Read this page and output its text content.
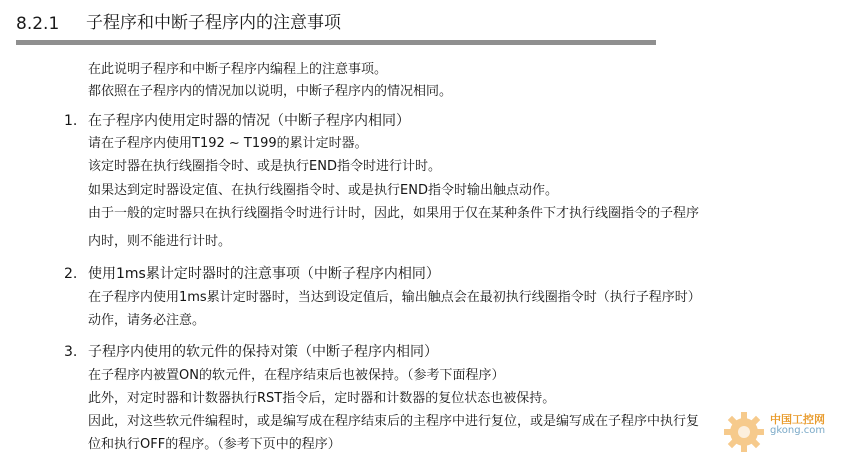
8.2.1 子程序和中断子程序内的注意事项
在此说明子程序和中断子程序内编程上的注意事项。
都依照在子程序内的情况加以说明，中断子程序内的情况相同。
1. 在子程序内使用定时器的情况（中断子程序内相同）
请在子程序内使用T192 ~ T199的累计定时器。
该定时器在执行线圈指令时、或是执行END指令时进行计时。
如果达到定时器设定值、在执行线圈指令时、或是执行END指令时输出触点动作。
由于一般的定时器只在执行线圈指令时进行计时，因此，如果用于仅在某种条件下才执行线圈指令的子程序
内时，则不能进行计时。
2. 使用1ms累计定时器时的注意事项（中断子程序内相同）
在子程序内使用1ms累计定时器时，当达到设定值后，输出触点会在最初执行线圈指令时（执行子程序时）
动作，请务必注意。
3. 子程序内使用的软元件的保持对策（中断子程序内相同）
在子程序内被置ON的软元件，在程序结束后也被保持。（参考下面程序）
此外，对定时器和计数器执行RST指令后，定时器和计数器的复位状态也被保持。
因此，对这些软元件编程时，或是编写成在程序结束后的主程序中进行复位，或是编写成在子程序中执行复
位和执行OFF的程序。（参考下页中的程序）
中国工控网
gkong.com
